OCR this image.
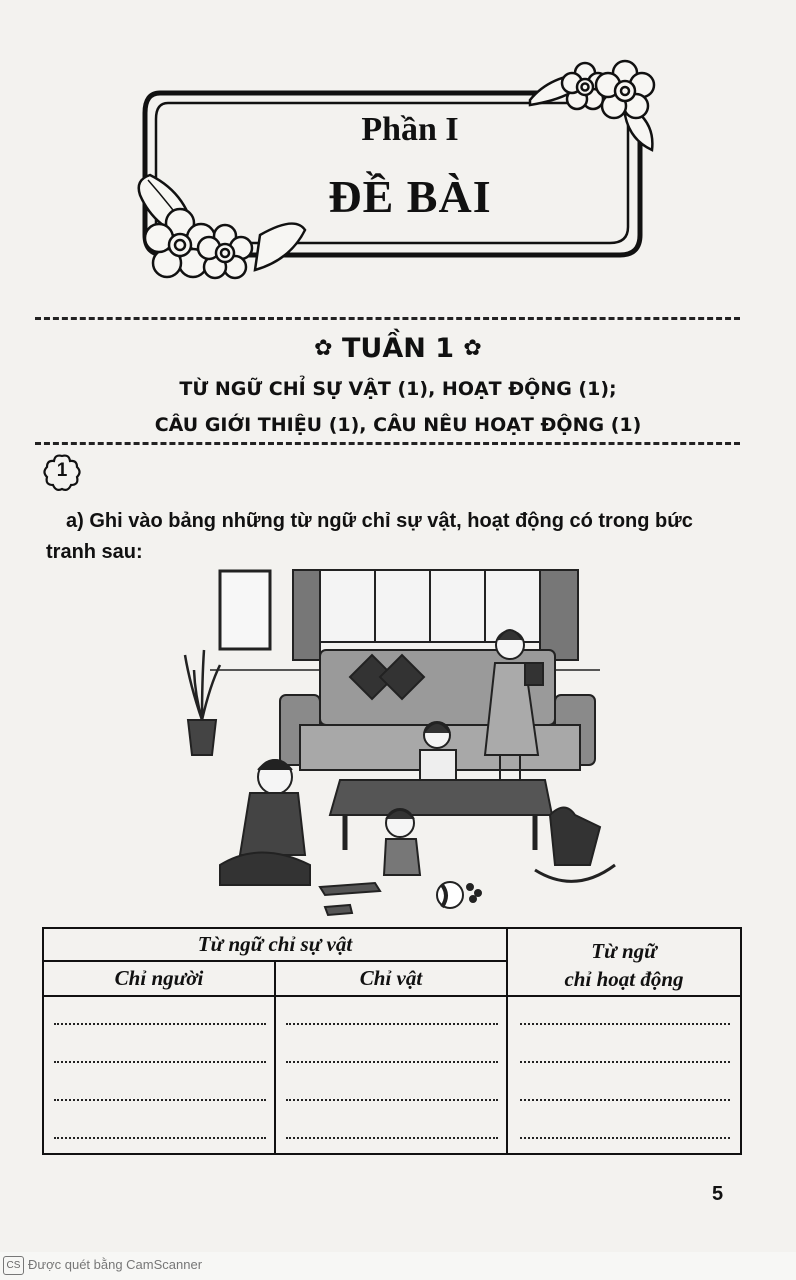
Phần I
ĐỀ BÀI
✿ TUẦN 1 ✿
TỪ NGỮ CHỈ SỰ VẬT (1), HOẠT ĐỘNG (1);
CÂU GIỚI THIỆU (1), CÂU NÊU HOẠT ĐỘNG (1)
1
a) Ghi vào bảng những từ ngữ chỉ sự vật, hoạt động có trong bức tranh sau:
Từ ngữ chỉ sự vật
Chỉ người	Chỉ vật
Từ ngữ
chỉ hoạt động
5
CS Được quét bằng CamScanner
